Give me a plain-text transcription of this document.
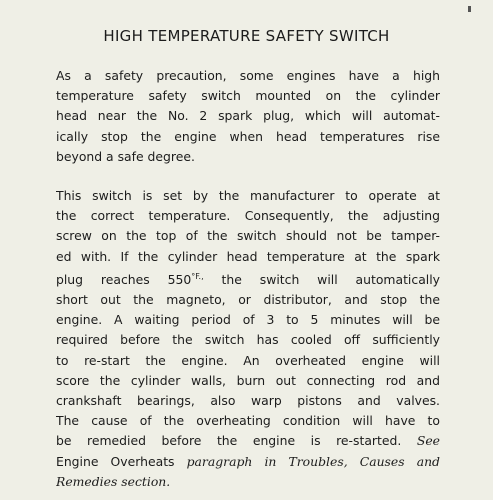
HIGH TEMPERATURE SAFETY SWITCH

As a safety precaution, some engines have a high
temperature safety switch mounted on the cylinder
head near the No. 2 spark plug, which will automat-
ically stop the engine when head temperatures rise
beyond a safe degree.

This switch is set by the manufacturer to operate at
the correct temperature. Consequently, the adjusting
screw on the top of the switch should not be tamper-
ed with. If the cylinder head temperature at the spark
plug reaches $550^{^\circ F.,}$ the switch will automatically
short out the magneto, or distributor, and stop the
engine. A waiting period of 3 to 5 minutes will be
required before the switch has cooled off sufficiently
to re-start the engine. An overheated engine will
score the cylinder walls, burn out connecting rod and
crankshaft bearings, also warp pistons and valves.
The cause of the overheating condition will have to
be remedied before the engine is re-started. See
Engine Overheats paragraph in Troubles, Causes and
Remedies section.
